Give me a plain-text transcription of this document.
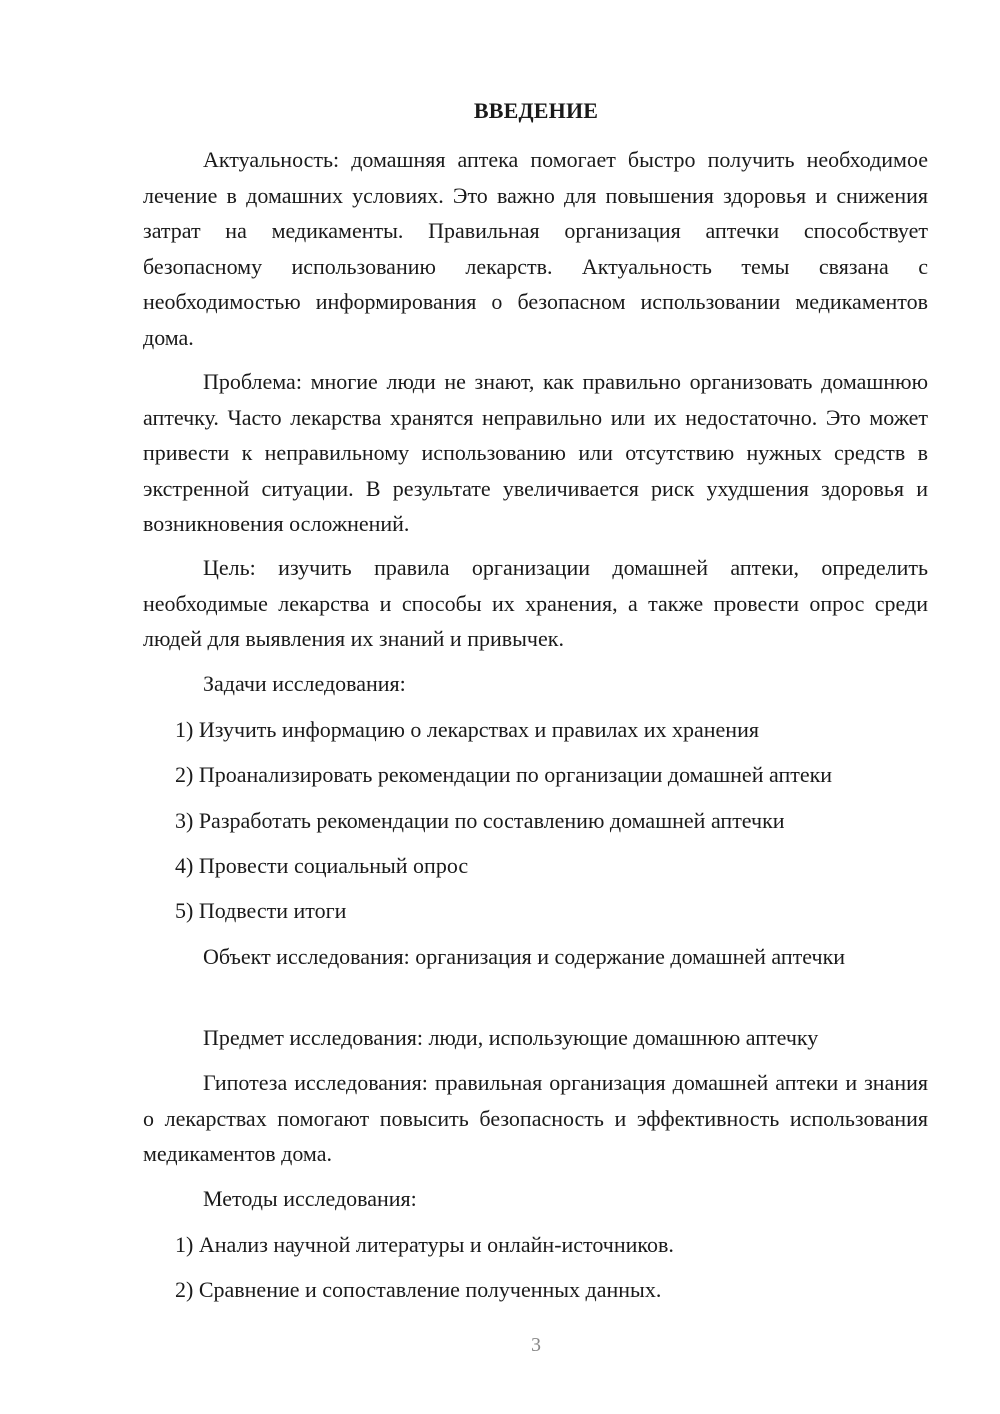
ВВЕДЕНИЕ

Актуальность: домашняя аптека помогает быстро получить необходимое лечение в домашних условиях. Это важно для повышения здоровья и снижения затрат на медикаменты. Правильная организация аптечки способствует безопасному использованию лекарств. Актуальность темы связана с необходимостью информирования о безопасном использовании медикаментов дома.

Проблема: многие люди не знают, как правильно организовать домашнюю аптечку. Часто лекарства хранятся неправильно или их недостаточно. Это может привести к неправильному использованию или отсутствию нужных средств в экстренной ситуации. В результате увеличивается риск ухудшения здоровья и возникновения осложнений.

Цель: изучить правила организации домашней аптеки, определить необходимые лекарства и способы их хранения, а также провести опрос среди людей для выявления их знаний и привычек.

Задачи исследования:

1) Изучить информацию о лекарствах и правилах их хранения

2) Проанализировать рекомендации по организации домашней аптеки

3) Разработать рекомендации по составлению домашней аптечки

4) Провести социальный опрос

5) Подвести итоги

Объект исследования: организация и содержание домашней аптечки

Предмет исследования: люди, использующие домашнюю аптечку

Гипотеза исследования: правильная организация домашней аптеки и знания о лекарствах помогают повысить безопасность и эффективность использования медикаментов дома.

Методы исследования:

1) Анализ научной литературы и онлайн-источников.

2) Сравнение и сопоставление полученных данных.

3
